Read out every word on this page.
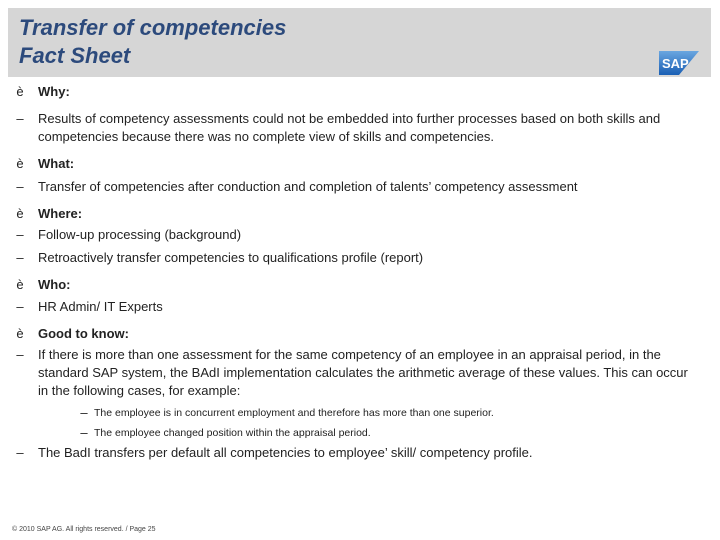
Transfer of competencies
Fact Sheet	SAP
è Why:
– Results of competency assessments could not be embedded into further processes based on both skills and competencies because there was no complete view of skills and competencies.
è What:
– Transfer of competencies after conduction and completion of talents’ competency assessment
è Where:
– Follow-up processing (background)
– Retroactively transfer competencies to qualifications profile (report)
è Who:
– HR Admin/ IT Experts
è Good to know:
– If there is more than one assessment for the same competency of an employee in an appraisal period, in the standard SAP system, the BAdI implementation calculates the arithmetic average of these values. This can occur in the following cases, for example:
– The employee is in concurrent employment and therefore has more than one superior.
– The employee changed position within the appraisal period.
– The BadI transfers per default all competencies to employee’ skill/ competency profile.
© 2010 SAP AG. All rights reserved. / Page 25
